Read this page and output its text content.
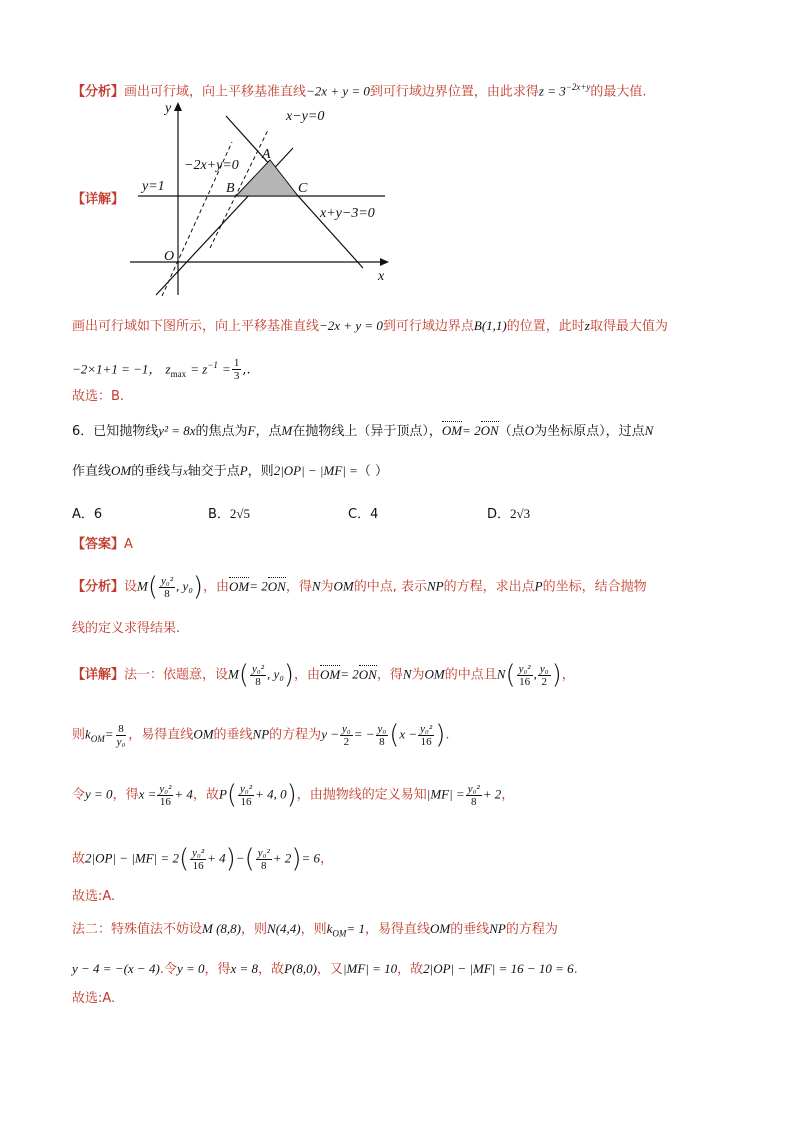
【分析】画出可行域，向上平移基准直线−2x + y = 0到可行域边界位置，由此求得$z = 3^{-2x+y}$的最大值.
【详解】
y
x
O
x−y=0
−2x+y=0
y=1
x+y−3=0
A
B	C
画出可行域如下图所示，向上平移基准直线−2x + y = 0到可行域边界点B(1,1)的位置，此时z取得最大值为
−2×1+1 = −1， $z_{max} = z^{-1} = \frac{1}{3}$ ,.
故选：B.
6．已知抛物线y² = 8x的焦点为F，点M在抛物线上（异于顶点），OM= 2ON（点O为坐标原点），过点N
作直线OM的垂线与x轴交于点P，则2|OP| − |MF| =（ ）
A．6	B．2√5	C．4	D．2√3
【答案】A
【分析】设$M( \frac{\text{y₀²}}{8}$ , y₀)，由OM= 2ON，得N为OM的中点, 表示NP的方程，求出点P的坐标，结合抛物
线的定义求得结果.
【详解】法一：依题意，设$M( \frac{\text{y₀²}}{8}$ , y₀)，由OM= 2ON，得N为OM的中点且$N( \frac{\text{y₀²}}{16}$ , $\frac{\text{y₀}}{2}$ )，
则$k_{OM}= \frac{8}{\text{y₀}}$ ，易得直线OM的垂线NP的方程为$y - \frac{\text{y₀}}{2}$ = − $\frac{\text{y₀}}{8} (x - \frac{\text{y₀²}}{16}$ ).
令y = 0，得$x = \frac{\text{y₀²}}{16} + 4$，故$P( \frac{\text{y₀²}}{16} + 4$, 0)，由抛物线的定义易知$|MF| = \frac{\text{y₀²}}{8} + 2$，
故$2|OP| - |MF| = 2( \frac{\text{y₀²}}{16} + 4)-( \frac{\text{y₀²}}{8} + 2)= 6$，
故选:A.
法二：特殊值法不妨设M (8,8)，则N(4,4)，则$k_{OM}= 1$，易得直线OM的垂线NP的方程为
y − 4 = −(x − 4).令y = 0，得x = 8，故P(8,0)，又|MF| = 10，故2|OP| − |MF| = 16 − 10 = 6.
故选:A.
